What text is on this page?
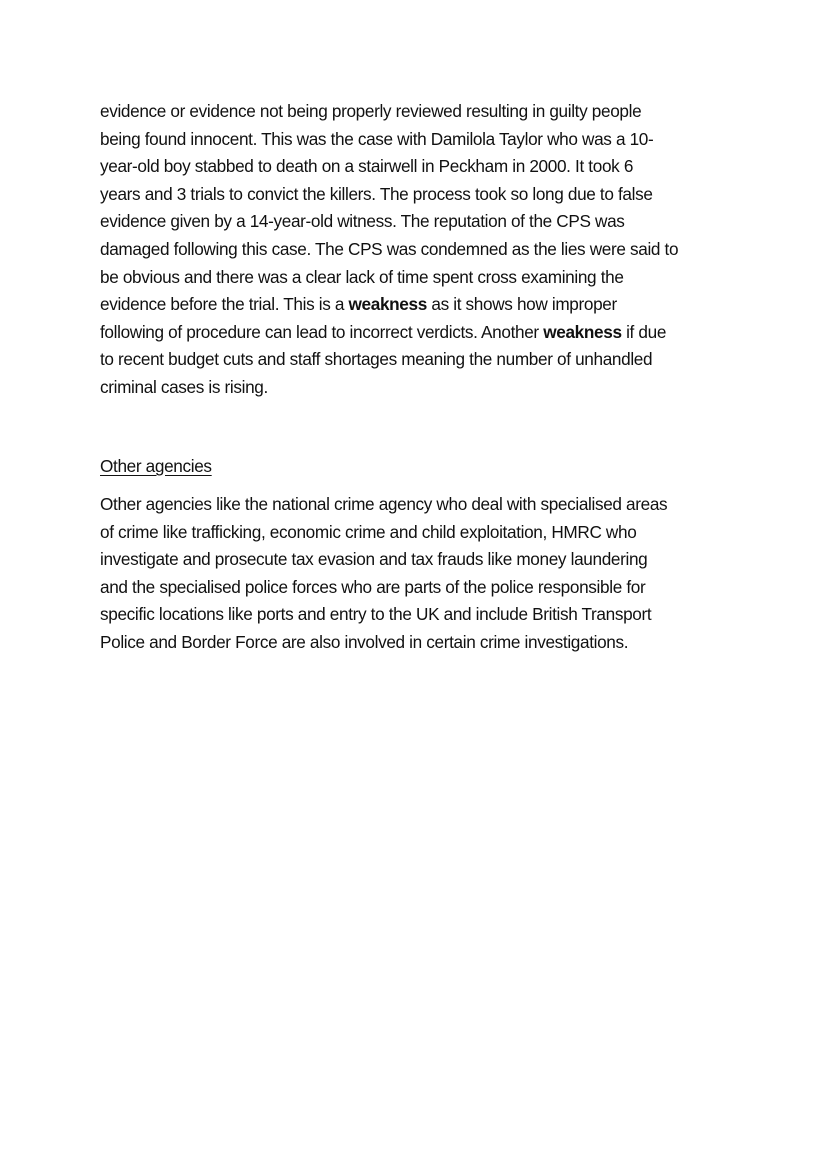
evidence or evidence not being properly reviewed resulting in guilty people
being found innocent. This was the case with Damilola Taylor who was a 10-
year-old boy stabbed to death on a stairwell in Peckham in 2000. It took 6
years and 3 trials to convict the killers. The process took so long due to false
evidence given by a 14-year-old witness. The reputation of the CPS was
damaged following this case. The CPS was condemned as the lies were said to
be obvious and there was a clear lack of time spent cross examining the
evidence before the trial. This is a weakness as it shows how improper
following of procedure can lead to incorrect verdicts. Another weakness if due
to recent budget cuts and staff shortages meaning the number of unhandled
criminal cases is rising.
Other agencies
Other agencies like the national crime agency who deal with specialised areas
of crime like trafficking, economic crime and child exploitation, HMRC who
investigate and prosecute tax evasion and tax frauds like money laundering
and the specialised police forces who are parts of the police responsible for
specific locations like ports and entry to the UK and include British Transport
Police and Border Force are also involved in certain crime investigations.
